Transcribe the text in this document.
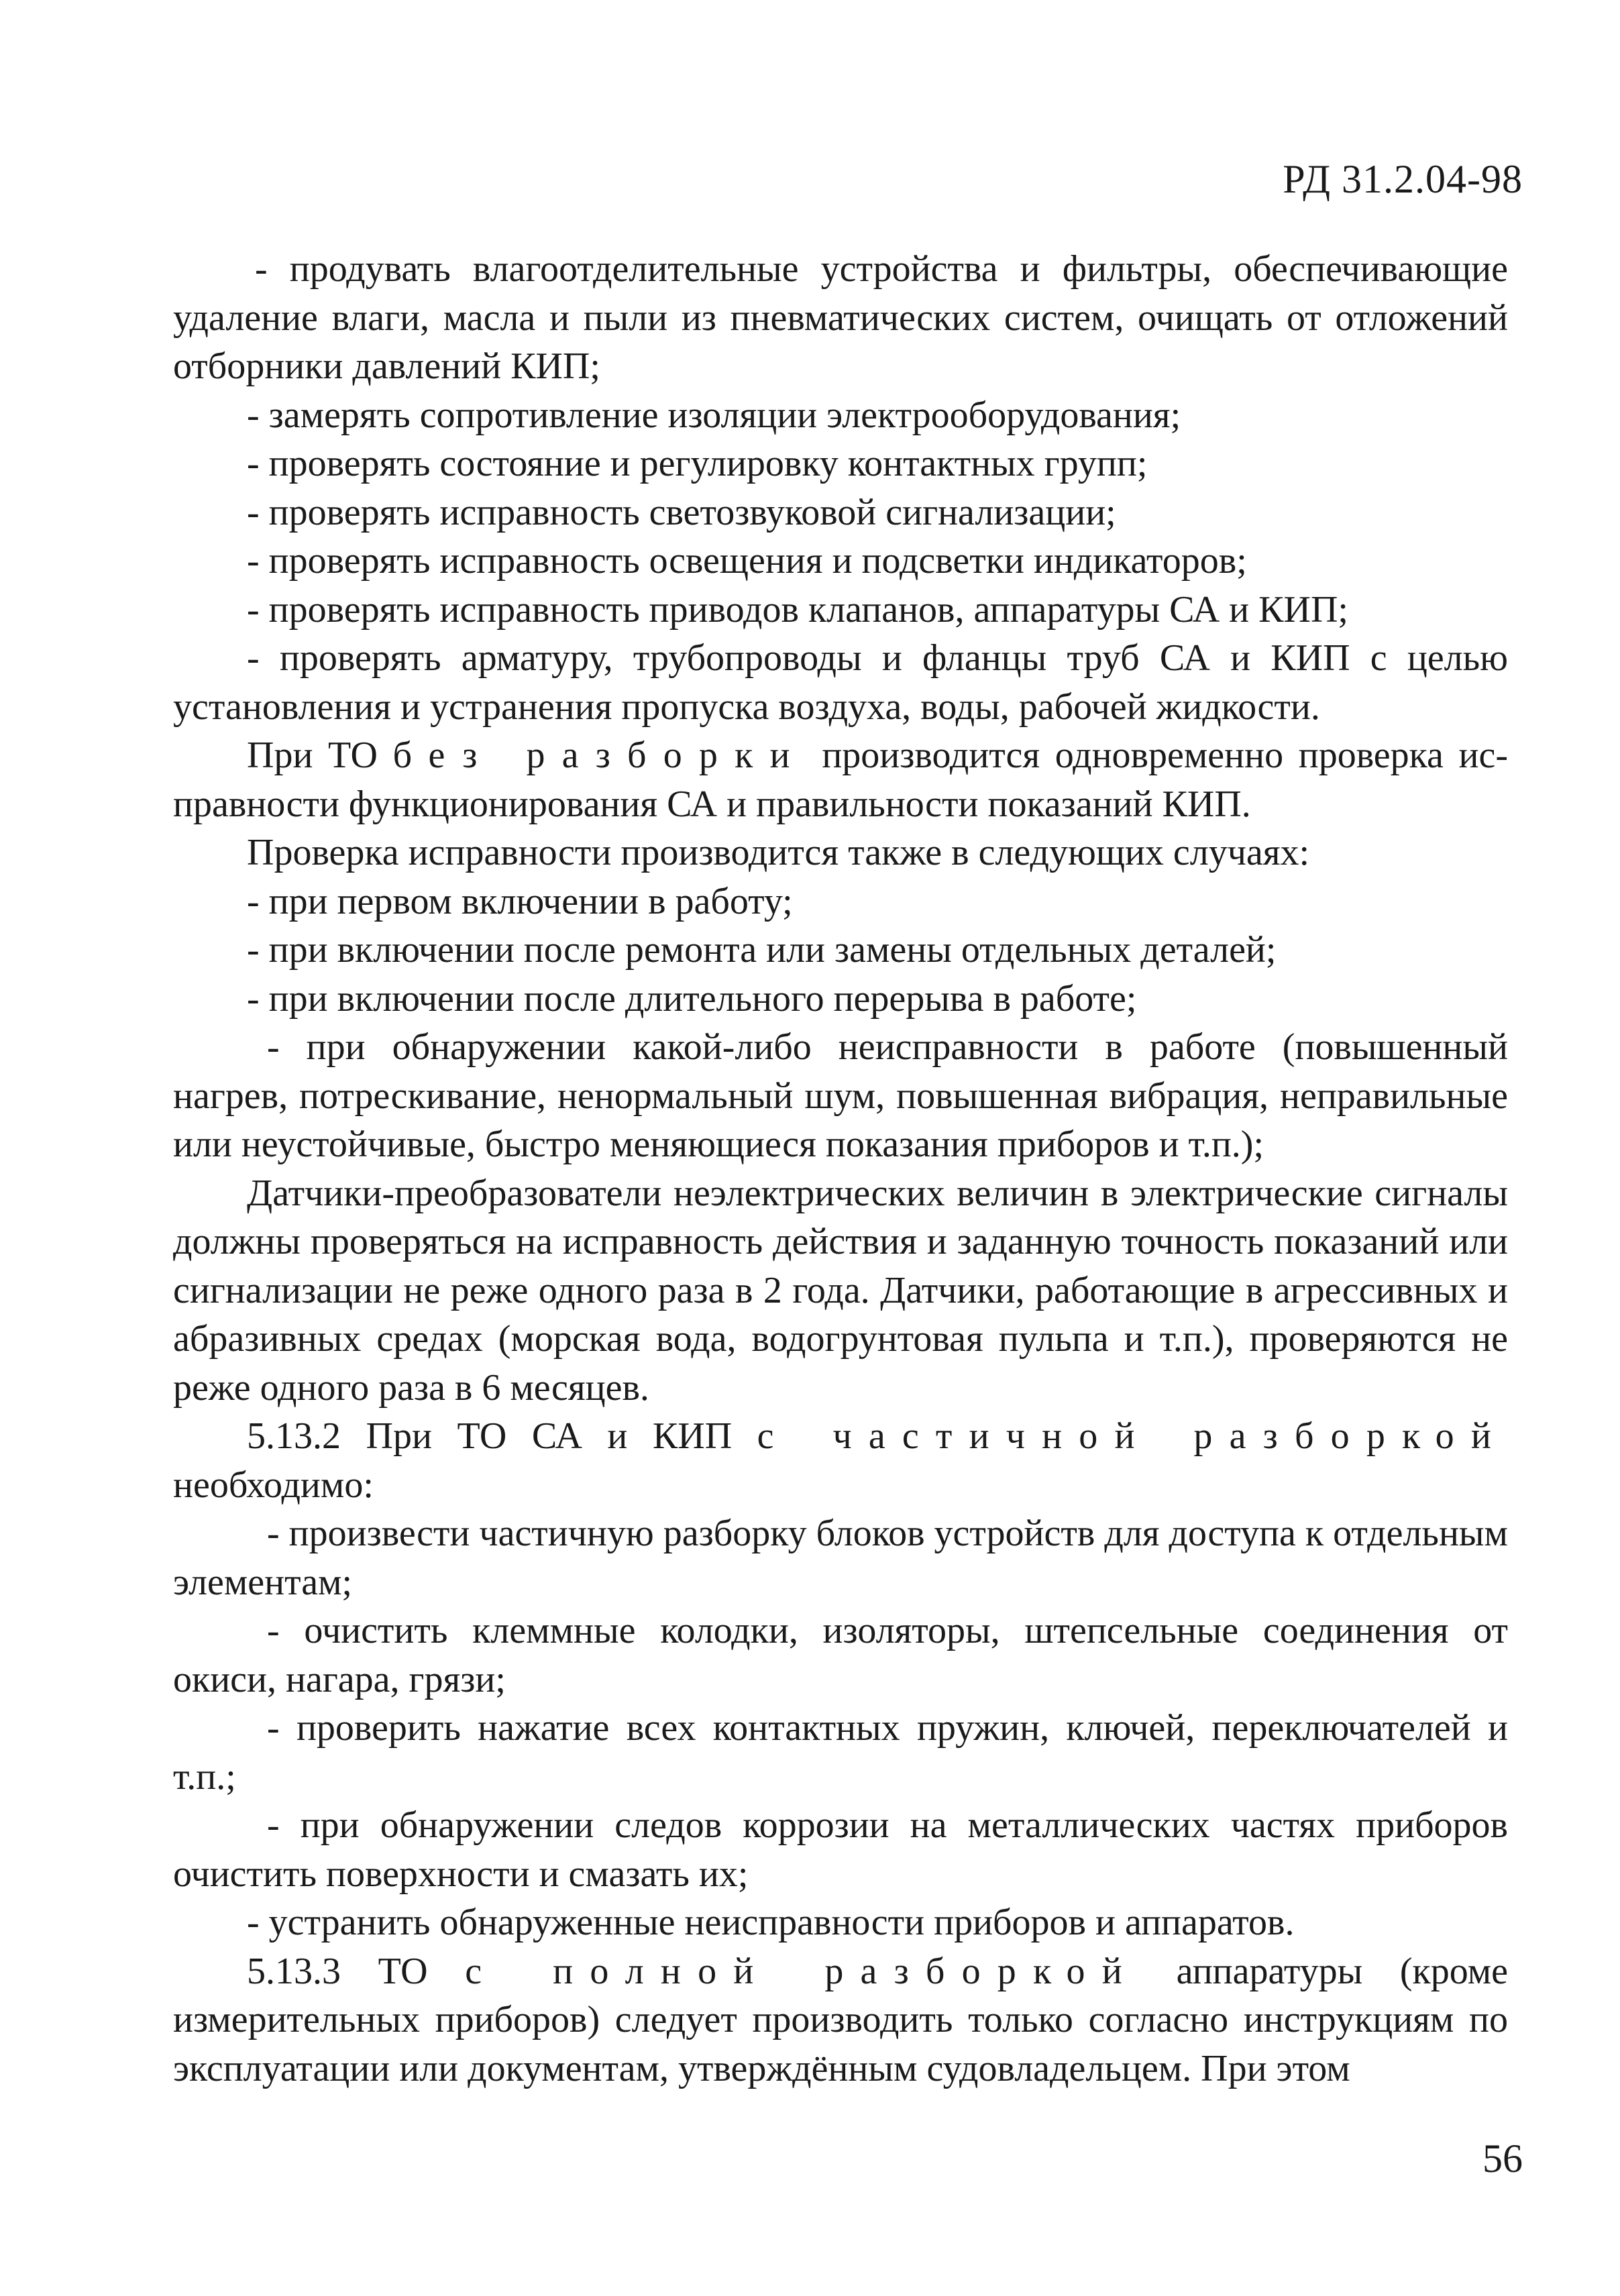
РД 31.2.04-98

- продувать влагоотделительные устройства и фильтры, обеспечивающие удаление влаги, масла и пыли из пневматических систем, очищать от отложений отборники давлений КИП;

- замерять сопротивление изоляции электрооборудования;

- проверять состояние и регулировку контактных групп;

- проверять исправность светозвуковой сигнализации;

- проверять исправность освещения и подсветки индикаторов;

- проверять исправность приводов клапанов, аппаратуры СА и КИП;

- проверять арматуру, трубопроводы и фланцы труб СА и КИП с целью установления и устранения пропуска воздуха, воды, рабочей жидкости.

При ТО без разборки производится одновременно проверка исправности функционирования СА и правильности показаний КИП.

Проверка исправности производится также в следующих случаях:

- при первом включении в работу;

- при включении после ремонта или замены отдельных деталей;

- при включении после длительного перерыва в работе;

- при обнаружении какой-либо неисправности в работе (повышенный нагрев, потрескивание, ненормальный шум, повышенная вибрация, неправильные или неустойчивые, быстро меняющиеся показания приборов и т.п.);

Датчики-преобразователи неэлектрических величин в электрические сигналы должны проверяться на исправность действия и заданную точность показаний или сигнализации не реже одного раза в 2 года. Датчики, работающие в агрессивных и абразивных средах (морская вода, водогрунтовая пульпа и т.п.), проверяются не реже одного раза в 6 месяцев.

5.13.2 При ТО СА и КИП с частичной разборкой необходимо:

- произвести частичную разборку блоков устройств для доступа к отдельным элементам;

- очистить клеммные колодки, изоляторы, штепсельные соединения от окиси, нагара, грязи;

- проверить нажатие всех контактных пружин, ключей, переключателей и т.п.;

- при обнаружении следов коррозии на металлических частях приборов очистить поверхности и смазать их;

- устранить обнаруженные неисправности приборов и аппаратов.

5.13.3 ТО с полной разборкой аппаратуры (кроме измерительных приборов) следует производить только согласно инструкциям по эксплуатации или документам, утверждённым судовладельцем. При этом

56
